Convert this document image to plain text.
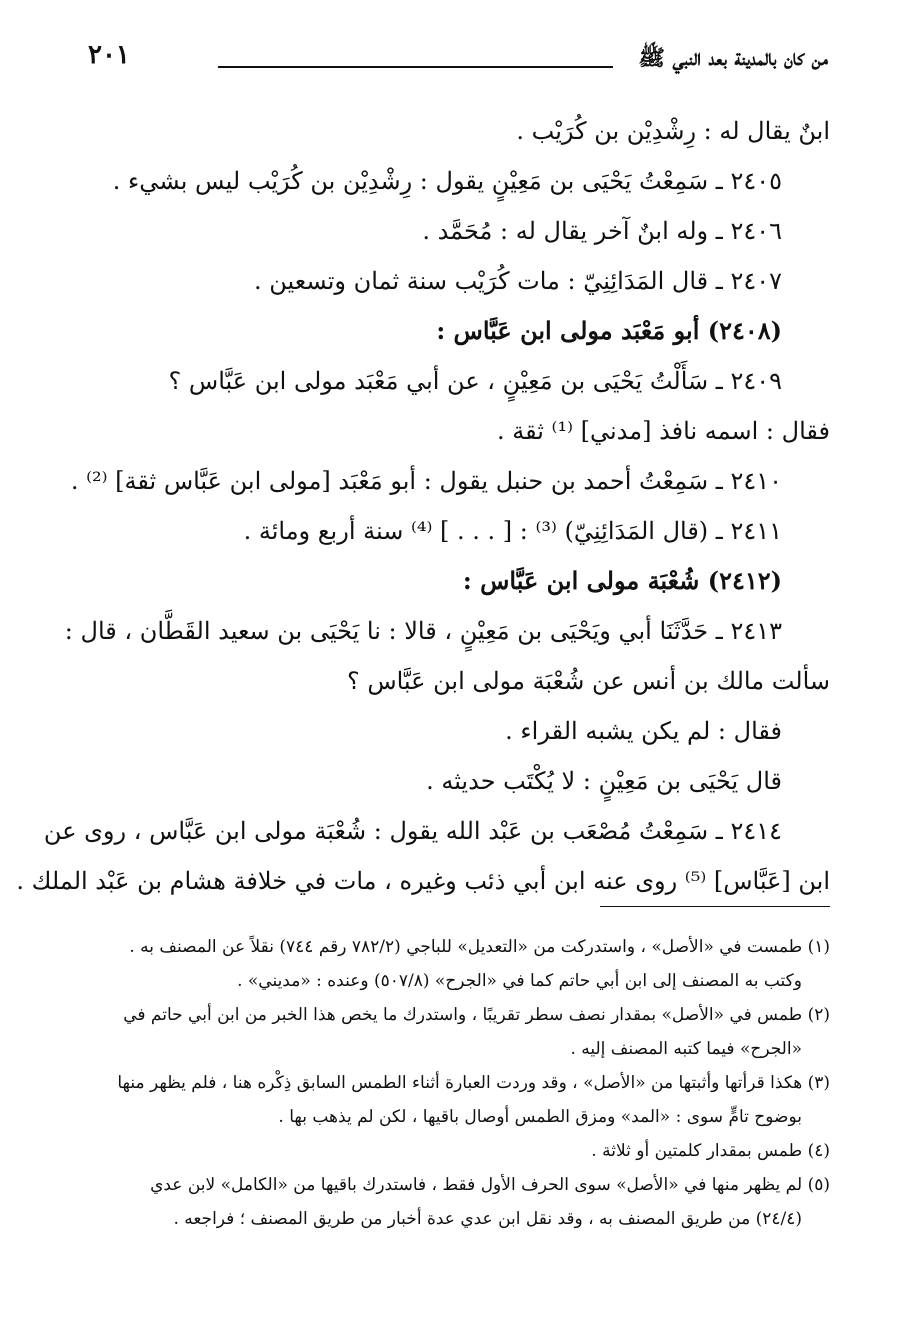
من كان بالمدينة بعد النبي ﷺ
٢٠١
ابنٌ يقال له : رِشْدِيْن بن كُرَيْب .
٢٤٠٥ ـ سَمِعْتُ يَحْيَى بن مَعِيْنٍ يقول : رِشْدِيْن بن كُرَيْب ليس بشيء .
٢٤٠٦ ـ وله ابنٌ آخر يقال له : مُحَمَّد .
٢٤٠٧ ـ قال المَدَائِنِيّ : مات كُرَيْب سنة ثمان وتسعين .
(٢٤٠٨) أبو مَعْبَد مولى ابن عَبَّاس :
٢٤٠٩ ـ سَأَلْتُ يَحْيَى بن مَعِيْنٍ ، عن أبي مَعْبَد مولى ابن عَبَّاس ؟
فقال : اسمه نافذ [مدني] ⁽¹⁾ ثقة .
٢٤١٠ ـ سَمِعْتُ أحمد بن حنبل يقول : أبو مَعْبَد [مولى ابن عَبَّاس ثقة] ⁽²⁾ .
٢٤١١ ـ (قال المَدَائِنِيّ) ⁽³⁾ : [ . . . ] ⁽⁴⁾ سنة أربع ومائة .
(٢٤١٢) شُعْبَة مولى ابن عَبَّاس :
٢٤١٣ ـ حَدَّثَنَا أبي ويَحْيَى بن مَعِيْنٍ ، قالا : نا يَحْيَى بن سعيد القَطَّان ، قال :
سألت مالك بن أنس عن شُعْبَة مولى ابن عَبَّاس ؟
فقال : لم يكن يشبه القراء .
قال يَحْيَى بن مَعِيْنٍ : لا يُكْتَب حديثه .
٢٤١٤ ـ سَمِعْتُ مُصْعَب بن عَبْد الله يقول : شُعْبَة مولى ابن عَبَّاس ، روى عن
ابن [عَبَّاس] ⁽⁵⁾ روى عنه ابن أبي ذئب وغيره ، مات في خلافة هشام بن عَبْد الملك .
(١) طمست في «الأصل» ، واستدركت من «التعديل» للباجي (٧٨٢/٢ رقم ٧٤٤) نقلاً عن المصنف به .
وكتب به المصنف إلى ابن أبي حاتم كما في «الجرح» (٥٠٧/٨) وعنده : «مديني» .
(٢) طمس في «الأصل» بمقدار نصف سطر تقريبًا ، واستدرك ما يخص هذا الخبر من ابن أبي حاتم في
«الجرح» فيما كتبه المصنف إليه .
(٣) هكذا قرأتها وأثبتها من «الأصل» ، وقد وردت العبارة أثناء الطمس السابق ذِكْره هنا ، فلم يظهر منها
بوضوح تامٍّ سوى : «المد» ومزق الطمس أوصال باقيها ، لكن لم يذهب بها .
(٤) طمس بمقدار كلمتين أو ثلاثة .
(٥) لم يظهر منها في «الأصل» سوى الحرف الأول فقط ، فاستدرك باقيها من «الكامل» لابن عدي
(٢٤/٤) من طريق المصنف به ، وقد نقل ابن عدي عدة أخبار من طريق المصنف ؛ فراجعه .
